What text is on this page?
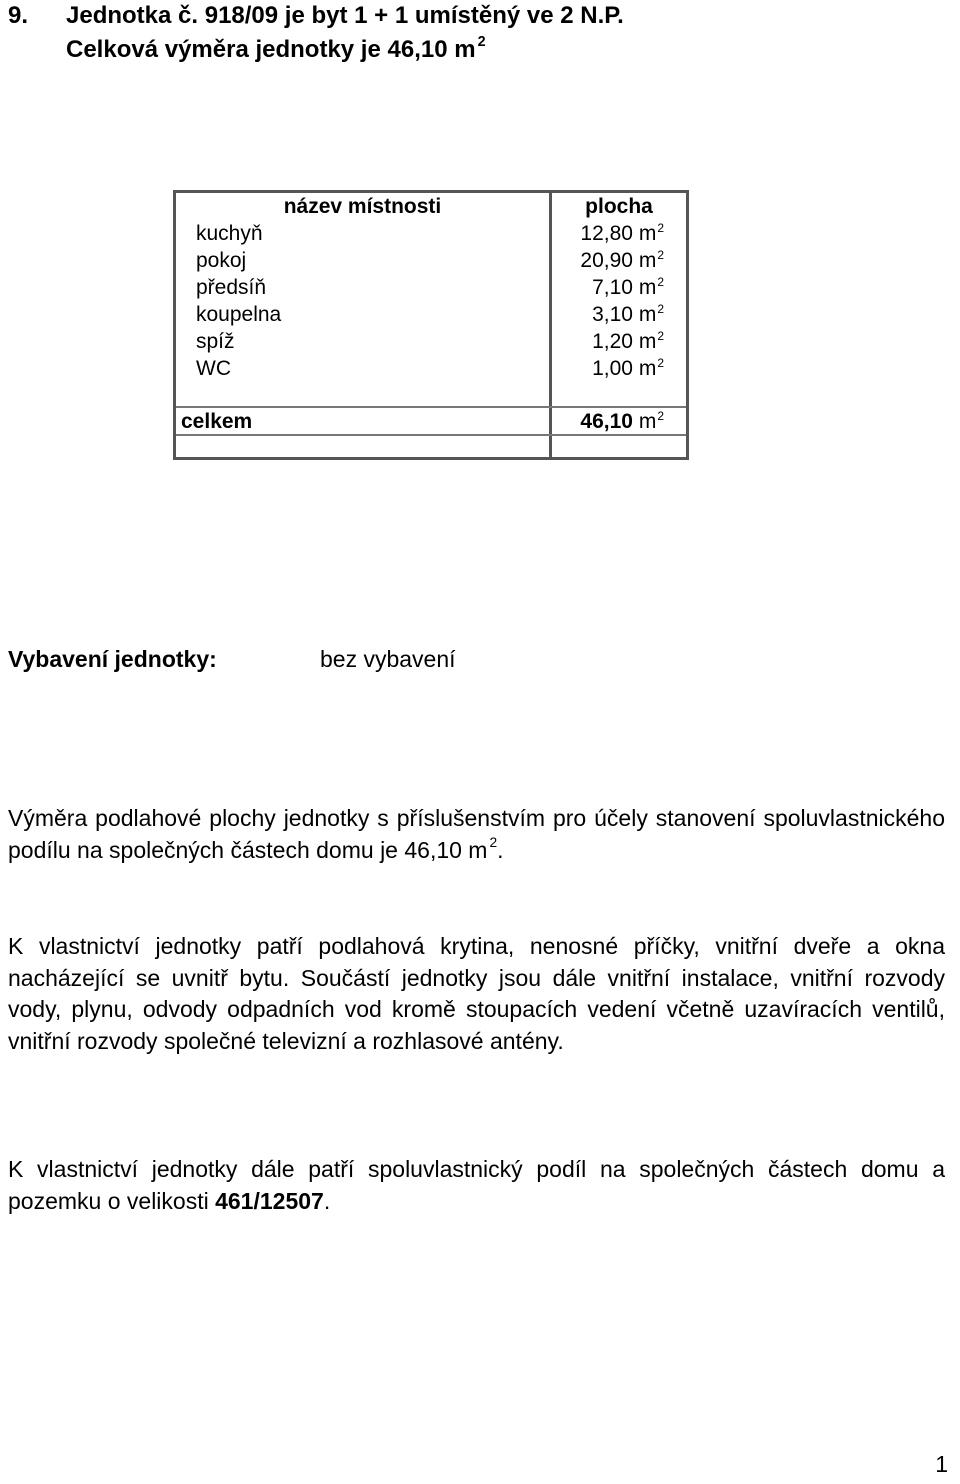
9. Jednotka č. 918/09 je byt 1 + 1 umístěný ve 2 N.P.
Celková výměra jednotky je 46,10 m $^2$
název místnosti	plocha
kuchyň	12,80 $m^2$
pokoj	20,90 $m^2$
předsíň	7,10 $m^2$
koupelna	3,10 $m^2$
spíž	1,20 $m^2$
WC	1,00 $m^2$
celkem	46,10 $m^2$
Vybavení jednotky:	bez vybavení
Výměra podlahové plochy jednotky s příslušenstvím pro účely stanovení spoluvlastnického podílu na společných částech domu je 46,10 m $^2$.
K vlastnictví jednotky patří podlahová krytina, nenosné příčky, vnitřní dveře a okna nacházející se uvnitř bytu. Součástí jednotky jsou dále vnitřní instalace, vnitřní rozvody vody, plynu, odvody odpadních vod kromě stoupacích vedení včetně uzavíracích ventilů, vnitřní rozvody společné televizní a rozhlasové antény.
K vlastnictví jednotky dále patří spoluvlastnický podíl na společných částech domu a pozemku o velikosti 461/12507.
1
